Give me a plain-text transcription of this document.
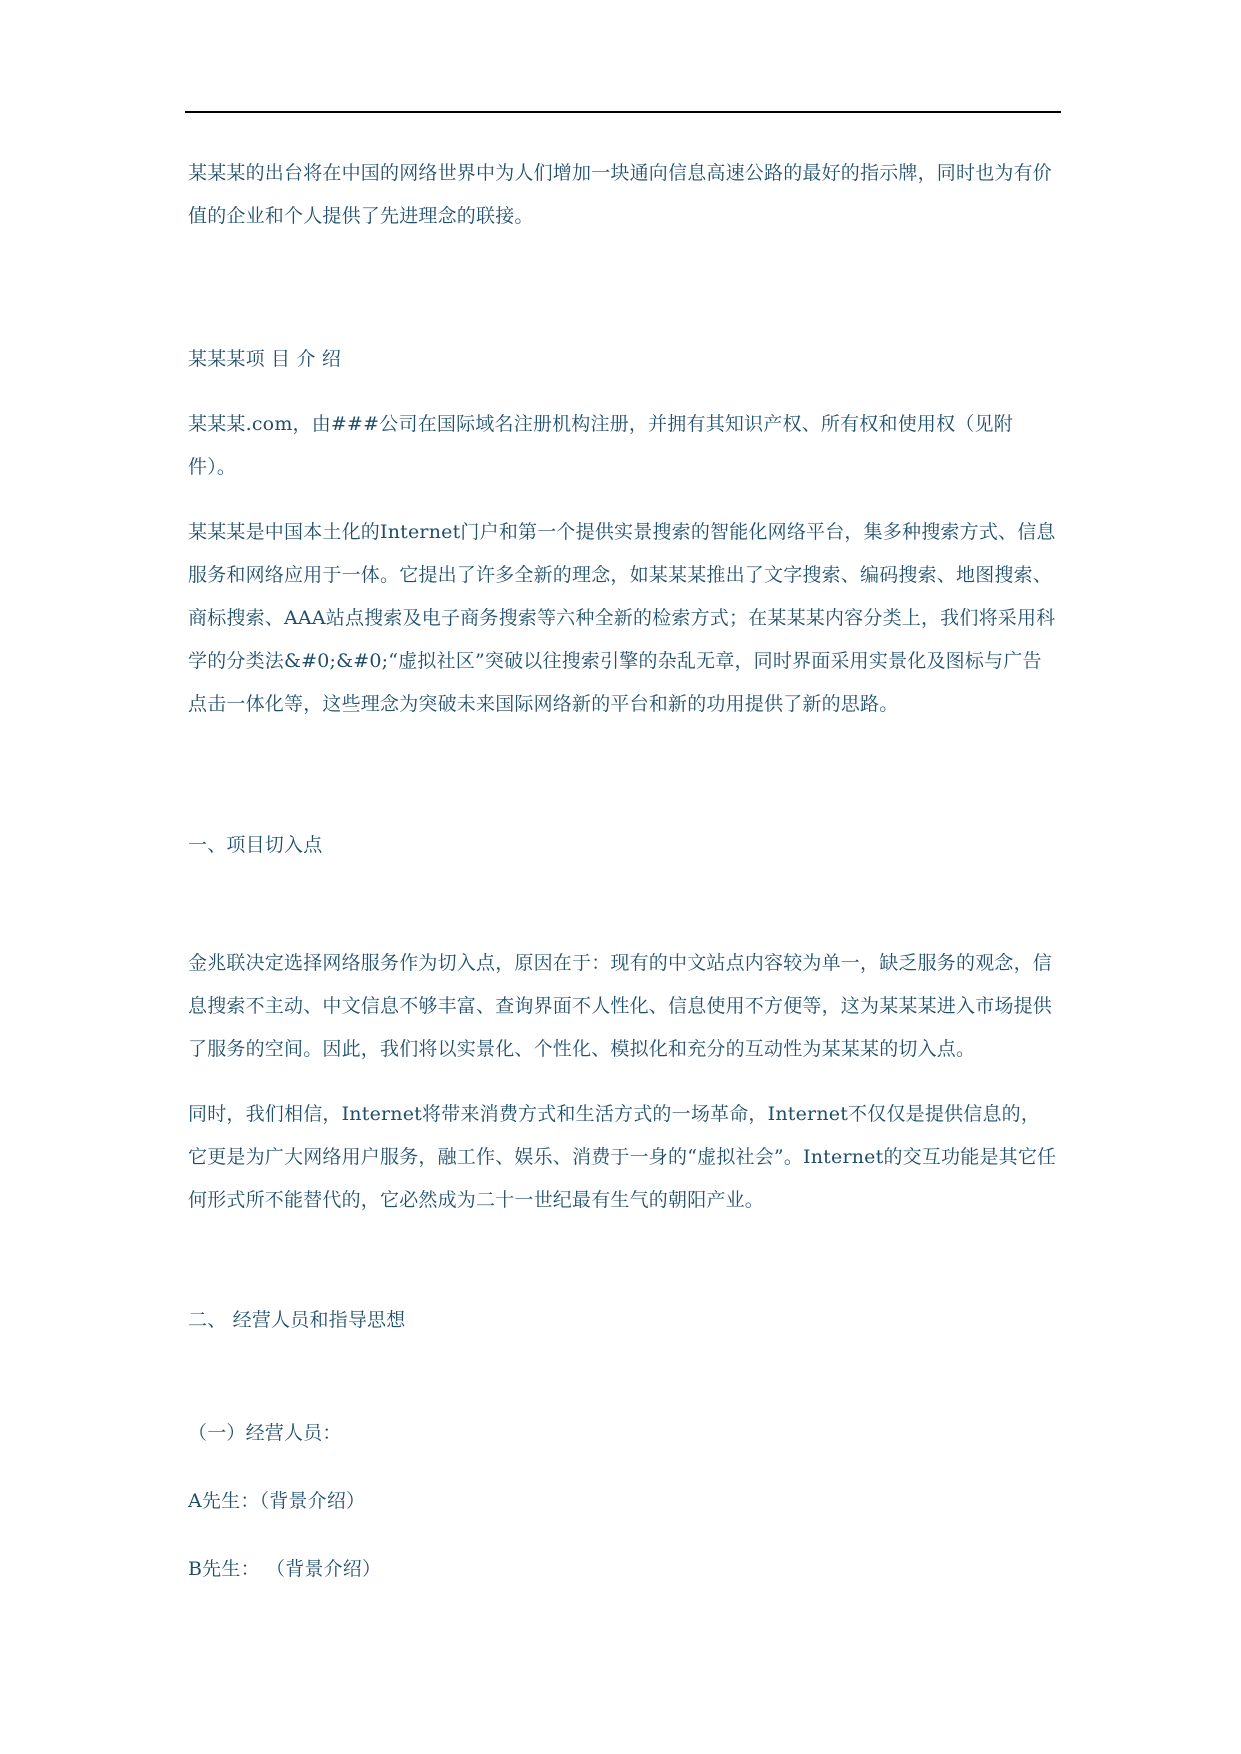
某某某的出台将在中国的网络世界中为人们增加一块通向信息高速公路的最好的指示牌，同时也为有价值的企业和个人提供了先进理念的联接。

某某某项 目 介 绍

某某某.com，由###公司在国际域名注册机构注册，并拥有其知识产权、所有权和使用权（见附件）。

某某某是中国本土化的Internet门户和第一个提供实景搜索的智能化网络平台，集多种搜索方式、信息服务和网络应用于一体。它提出了许多全新的理念，如某某某推出了文字搜索、编码搜索、地图搜索、商标搜索、AAA站点搜索及电子商务搜索等六种全新的检索方式；在某某某内容分类上，我们将采用科学的分类法&#0;&#0;“虚拟社区”突破以往搜索引擎的杂乱无章，同时界面采用实景化及图标与广告点击一体化等，这些理念为突破未来国际网络新的平台和新的功用提供了新的思路。

一、项目切入点

金兆联决定选择网络服务作为切入点，原因在于：现有的中文站点内容较为单一，缺乏服务的观念，信息搜索不主动、中文信息不够丰富、查询界面不人性化、信息使用不方便等，这为某某某进入市场提供了服务的空间。因此，我们将以实景化、个性化、模拟化和充分的互动性为某某某的切入点。

同时，我们相信，Internet将带来消费方式和生活方式的一场革命，Internet不仅仅是提供信息的，它更是为广大网络用户服务，融工作、娱乐、消费于一身的“虚拟社会”。Internet的交互功能是其它任何形式所不能替代的，它必然成为二十一世纪最有生气的朝阳产业。

二、 经营人员和指导思想

（一）经营人员：

A先生：（背景介绍）

B先生： （背景介绍）
